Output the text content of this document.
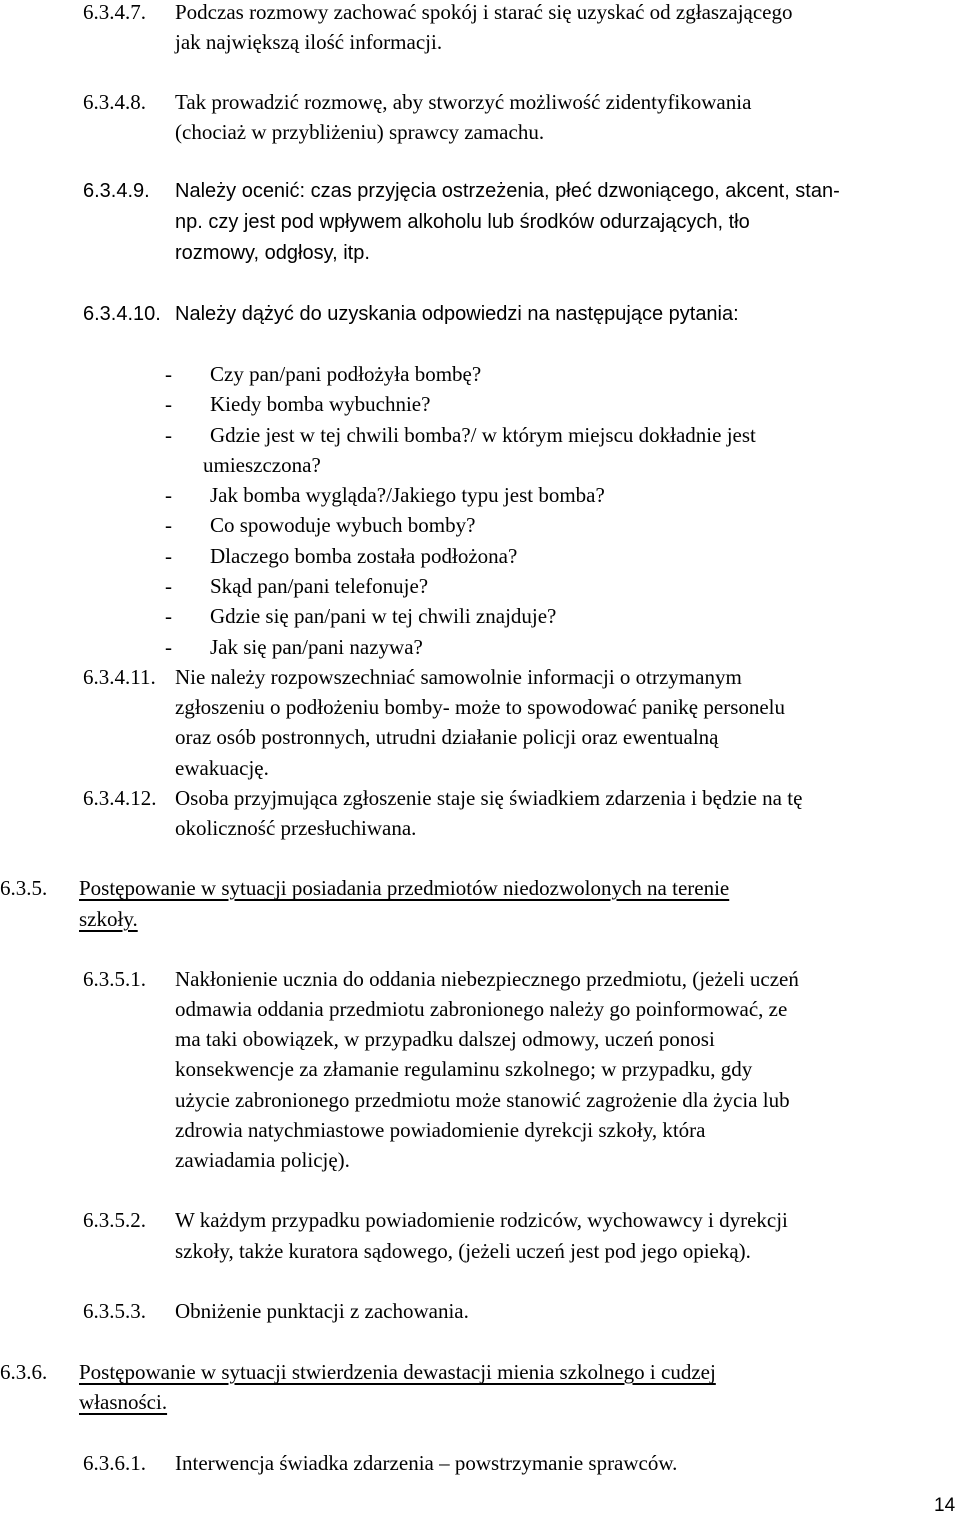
6.3.4.7. Podczas rozmowy zachować spokój i starać się uzyskać od zgłaszającego
jak największą ilość informacji.
6.3.4.8. Tak prowadzić rozmowę, aby stworzyć możliwość zidentyfikowania
(chociaż w przybliżeniu) sprawcy zamachu.
6.3.4.9. Należy ocenić: czas przyjęcia ostrzeżenia, płeć dzwoniącego, akcent, stan-
np. czy jest pod wpływem alkoholu lub środków odurzających, tło
rozmowy, odgłosy, itp.
6.3.4.10. Należy dążyć do uzyskania odpowiedzi na następujące pytania:
- Czy pan/pani podłożyła bombę?
- Kiedy bomba wybuchnie?
- Gdzie jest w tej chwili bomba?/ w którym miejscu dokładnie jest
umieszczona?
- Jak bomba wygląda?/Jakiego typu jest bomba?
- Co spowoduje wybuch bomby?
- Dlaczego bomba została podłożona?
- Skąd pan/pani telefonuje?
- Gdzie się pan/pani w tej chwili znajduje?
- Jak się pan/pani nazywa?
6.3.4.11. Nie należy rozpowszechniać samowolnie informacji o otrzymanym
zgłoszeniu o podłożeniu bomby- może to spowodować panikę personelu
oraz osób postronnych, utrudni działanie policji oraz ewentualną
ewakuację.
6.3.4.12. Osoba przyjmująca zgłoszenie staje się świadkiem zdarzenia i będzie na tę
okoliczność przesłuchiwana.
6.3.5. Postępowanie w sytuacji posiadania przedmiotów niedozwolonych na terenie
szkoły.
6.3.5.1. Nakłonienie ucznia do oddania niebezpiecznego przedmiotu, (jeżeli uczeń
odmawia oddania przedmiotu zabronionego należy go poinformować, ze
ma taki obowiązek, w przypadku dalszej odmowy, uczeń ponosi
konsekwencje za złamanie regulaminu szkolnego; w przypadku, gdy
użycie zabronionego przedmiotu może stanowić zagrożenie dla życia lub
zdrowia natychmiastowe powiadomienie dyrekcji szkoły, która
zawiadamia policję).
6.3.5.2. W każdym przypadku powiadomienie rodziców, wychowawcy i dyrekcji
szkoły, także kuratora sądowego, (jeżeli uczeń jest pod jego opieką).
6.3.5.3. Obniżenie punktacji z zachowania.
6.3.6. Postępowanie w sytuacji stwierdzenia dewastacji mienia szkolnego i cudzej
własności.
6.3.6.1. Interwencja świadka zdarzenia – powstrzymanie sprawców.
14
